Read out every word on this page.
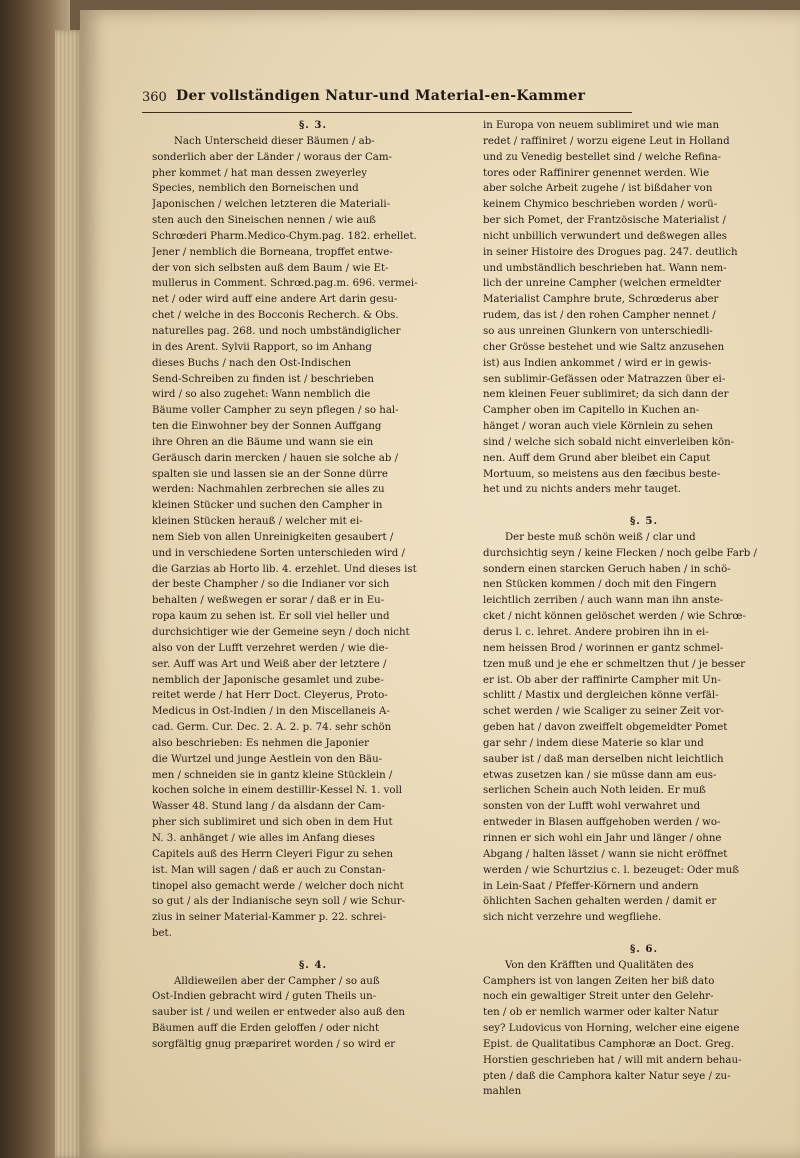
360 Der vollständigen Natur-und Material-en-Kammer
§. 3.
Nach Unterscheid dieser Bäumen / ab-
sonderlich aber der Länder / woraus der Cam-
pher kommet / hat man dessen zweyerley
Species, nemblich den Borneischen und
Japonischen / welchen letzteren die Materiali-
sten auch den Sineischen nennen / wie auß
Schrœderi Pharm.Medico-Chym.pag. 182. erhellet.
Jener / nemblich die Borneana, tropffet entwe-
der von sich selbsten auß dem Baum / wie Et-
mullerus in Comment. Schrœd.pag.m. 696. vermei-
net / oder wird auff eine andere Art darin gesu-
chet / welche in des Bocconis Recherch. & Obs.
naturelles pag. 268. und noch umbständiglicher
in des Arent. Sylvii Rapport, so im Anhang
dieses Buchs / nach den Ost-Indischen
Send-Schreiben zu finden ist / beschrieben
wird / so also zugehet: Wann nemblich die
Bäume voller Campher zu seyn pflegen / so hal-
ten die Einwohner bey der Sonnen Auffgang
ihre Ohren an die Bäume und wann sie ein
Geräusch darin mercken / hauen sie solche ab /
spalten sie und lassen sie an der Sonne dürre
werden: Nachmahlen zerbrechen sie alles zu
kleinen Stücker und suchen den Campher in
kleinen Stücken herauß / welcher mit ei-
nem Sieb von allen Unreinigkeiten gesaubert /
und in verschiedene Sorten unterschieden wird /
die Garzias ab Horto lib. 4. erzehlet. Und dieses ist
der beste Champher / so die Indianer vor sich
behalten / weßwegen er sorar / daß er in Eu-
ropa kaum zu sehen ist. Er soll viel heller und
durchsichtiger wie der Gemeine seyn / doch nicht
also von der Lufft verzehret werden / wie die-
ser. Auff was Art und Weiß aber der letztere /
nemblich der Japonische gesamlet und zube-
reitet werde / hat Herr Doct. Cleyerus, Proto-
Medicus in Ost-Indien / in den Miscellaneis A-
cad. Germ. Cur. Dec. 2. A. 2. p. 74. sehr schön
also beschrieben: Es nehmen die Japonier
die Wurtzel und junge Aestlein von den Bäu-
men / schneiden sie in gantz kleine Stücklein /
kochen solche in einem destillir-Kessel N. 1. voll
Wasser 48. Stund lang / da alsdann der Cam-
pher sich sublimiret und sich oben in dem Hut
N. 3. anhänget / wie alles im Anfang dieses
Capitels auß des Herrn Cleyeri Figur zu sehen
ist. Man will sagen / daß er auch zu Constan-
tinopel also gemacht werde / welcher doch nicht
so gut / als der Indianische seyn soll / wie Schur-
zius in seiner Material-Kammer p. 22. schrei-
bet.

§. 4.
Alldieweilen aber der Campher / so auß
Ost-Indien gebracht wird / guten Theils un-
sauber ist / und weilen er entweder also auß den
Bäumen auff die Erden geloffen / oder nicht
sorgfältig gnug præpariret worden / so wird er
in Europa von neuem sublimiret und wie man
redet / raffiniret / worzu eigene Leut in Holland
und zu Venedig bestellet sind / welche Refina-
tores oder Raffinirer genennet werden. Wie
aber solche Arbeit zugehe / ist bißdaher von
keinem Chymico beschrieben worden / worü-
ber sich Pomet, der Frantzösische Materialist /
nicht unbillich verwundert und deßwegen alles
in seiner Histoire des Drogues pag. 247. deutlich
und umbständlich beschrieben hat. Wann nem-
lich der unreine Campher (welchen ermeldter
Materialist Camphre brute, Schrœderus aber
rudem, das ist / den rohen Campher nennet /
so aus unreinen Glunkern von unterschiedli-
cher Grösse bestehet und wie Saltz anzusehen
ist) aus Indien ankommet / wird er in gewis-
sen sublimir-Gefässen oder Matrazzen über ei-
nem kleinen Feuer sublimiret; da sich dann der
Campher oben im Capitello in Kuchen an-
hänget / woran auch viele Körnlein zu sehen
sind / welche sich sobald nicht einverleiben kön-
nen. Auff dem Grund aber bleibet ein Caput
Mortuum, so meistens aus den fæcibus beste-
het und zu nichts anders mehr tauget.

§. 5.
Der beste muß schön weiß / clar und
durchsichtig seyn / keine Flecken / noch gelbe Farb /
sondern einen starcken Geruch haben / in schö-
nen Stücken kommen / doch mit den Fingern
leichtlich zerriben / auch wann man ihn anste-
cket / nicht können gelöschet werden / wie Schrœ-
derus l. c. lehret. Andere probiren ihn in ei-
nem heissen Brod / worinnen er gantz schmel-
tzen muß und je ehe er schmeltzen thut / je besser
er ist. Ob aber der raffinirte Campher mit Un-
schlitt / Mastix und dergleichen könne verfäl-
schet werden / wie Scaliger zu seiner Zeit vor-
geben hat / davon zweiffelt obgemeldter Pomet
gar sehr / indem diese Materie so klar und
sauber ist / daß man derselben nicht leichtlich
etwas zusetzen kan / sie müsse dann am eus-
serlichen Schein auch Noth leiden. Er muß
sonsten von der Lufft wohl verwahret und
entweder in Blasen auffgehoben werden / wo-
rinnen er sich wohl ein Jahr und länger / ohne
Abgang / halten lässet / wann sie nicht eröffnet
werden / wie Schurtzius c. l. bezeuget: Oder muß
in Lein-Saat / Pfeffer-Körnern und andern
öhlichten Sachen gehalten werden / damit er
sich nicht verzehre und wegfliehe.

§. 6.
Von den Kräfften und Qualitäten des
Camphers ist von langen Zeiten her biß dato
noch ein gewaltiger Streit unter den Gelehr-
ten / ob er nemlich warmer oder kalter Natur
sey? Ludovicus von Horning, welcher eine eigene
Epist. de Qualitatibus Camphoræ an Doct. Greg.
Horstien geschrieben hat / will mit andern behau-
pten / daß die Camphora kalter Natur seye / zu-
mahlen
